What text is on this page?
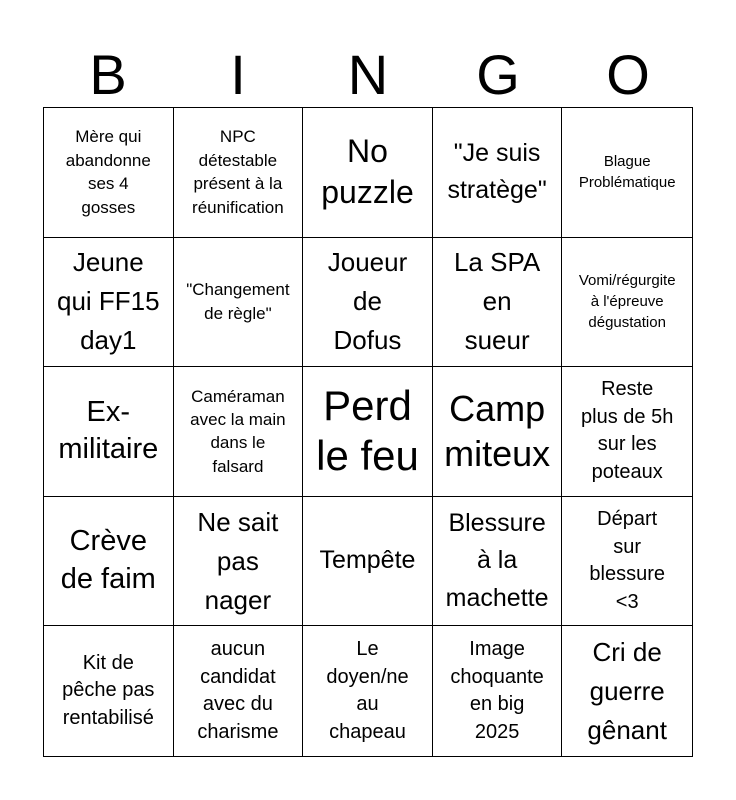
B	I	N	G	O
Mère qui
abandonne
ses 4
gosses
NPC
détestable
présent à la
réunification
No
puzzle
"Je suis
stratège"
Blague
Problématique
Jeune
qui FF15
day1
"Changement
de règle"
Joueur
de
Dofus
La SPA
en
sueur
Vomi/régurgite
à l'épreuve
dégustation
Ex-
militaire
Caméraman
avec la main
dans le
falsard
Perd
le feu
Camp
miteux
Reste
plus de 5h
sur les
poteaux
Crève
de faim
Ne sait
pas
nager
Tempête
Blessure
à la
machette
Départ
sur
blessure
<3
Kit de
pêche pas
rentabilisé
aucun
candidat
avec du
charisme
Le
doyen/ne
au
chapeau
Image
choquante
en big
2025
Cri de
guerre
gênant
